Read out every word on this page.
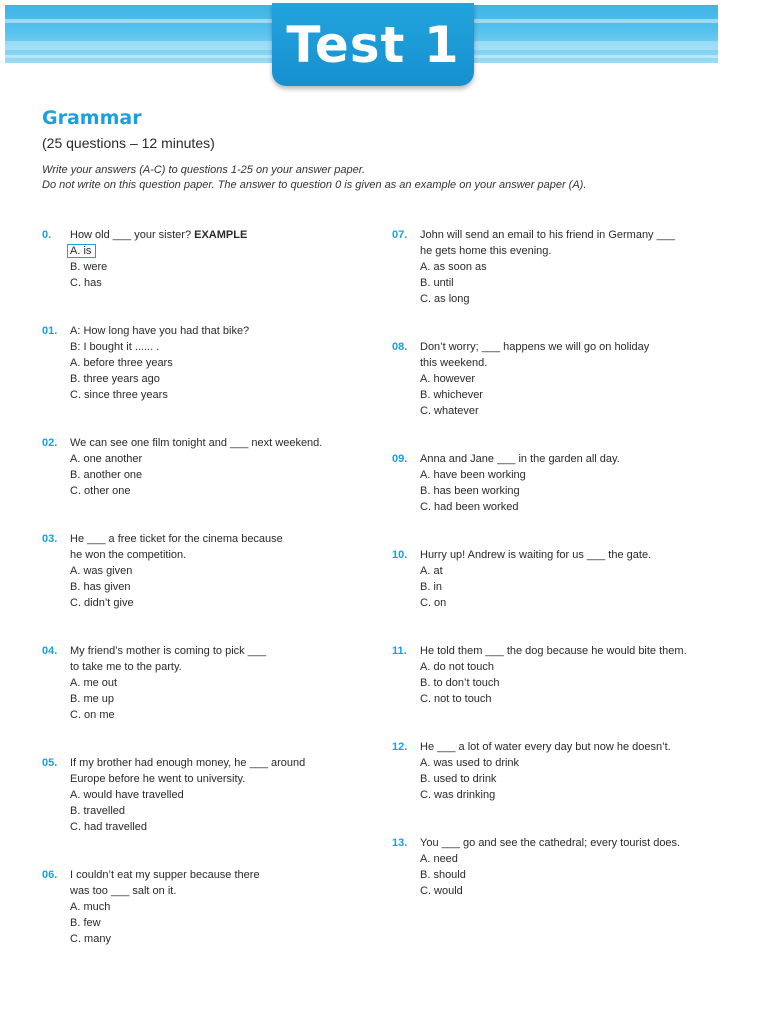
Test 1
Grammar
(25 questions – 12 minutes)
Write your answers (A-C) to questions 1-25 on your answer paper.
Do not write on this question paper. The answer to question 0 is given as an example on your answer paper (A).
0. How old ___ your sister? EXAMPLE
A. is
B. were
C. has
01. A: How long have you had that bike?
B: I bought it ...... .
A. before three years
B. three years ago
C. since three years
02. We can see one film tonight and ___ next weekend.
A. one another
B. another one
C. other one
03. He ___ a free ticket for the cinema because
he won the competition.
A. was given
B. has given
C. didn’t give
04. My friend’s mother is coming to pick ___
to take me to the party.
A. me out
B. me up
C. on me
05. If my brother had enough money, he ___ around
Europe before he went to university.
A. would have travelled
B. travelled
C. had travelled
06. I couldn’t eat my supper because there
was too ___ salt on it.
A. much
B. few
C. many
07. John will send an email to his friend in Germany ___
he gets home this evening.
A. as soon as
B. until
C. as long
08. Don’t worry; ___ happens we will go on holiday
this weekend.
A. however
B. whichever
C. whatever
09. Anna and Jane ___ in the garden all day.
A. have been working
B. has been working
C. had been worked
10. Hurry up! Andrew is waiting for us ___ the gate.
A. at
B. in
C. on
11. He told them ___ the dog because he would bite them.
A. do not touch
B. to don’t touch
C. not to touch
12. He ___ a lot of water every day but now he doesn’t.
A. was used to drink
B. used to drink
C. was drinking
13. You ___ go and see the cathedral; every tourist does.
A. need
B. should
C. would
